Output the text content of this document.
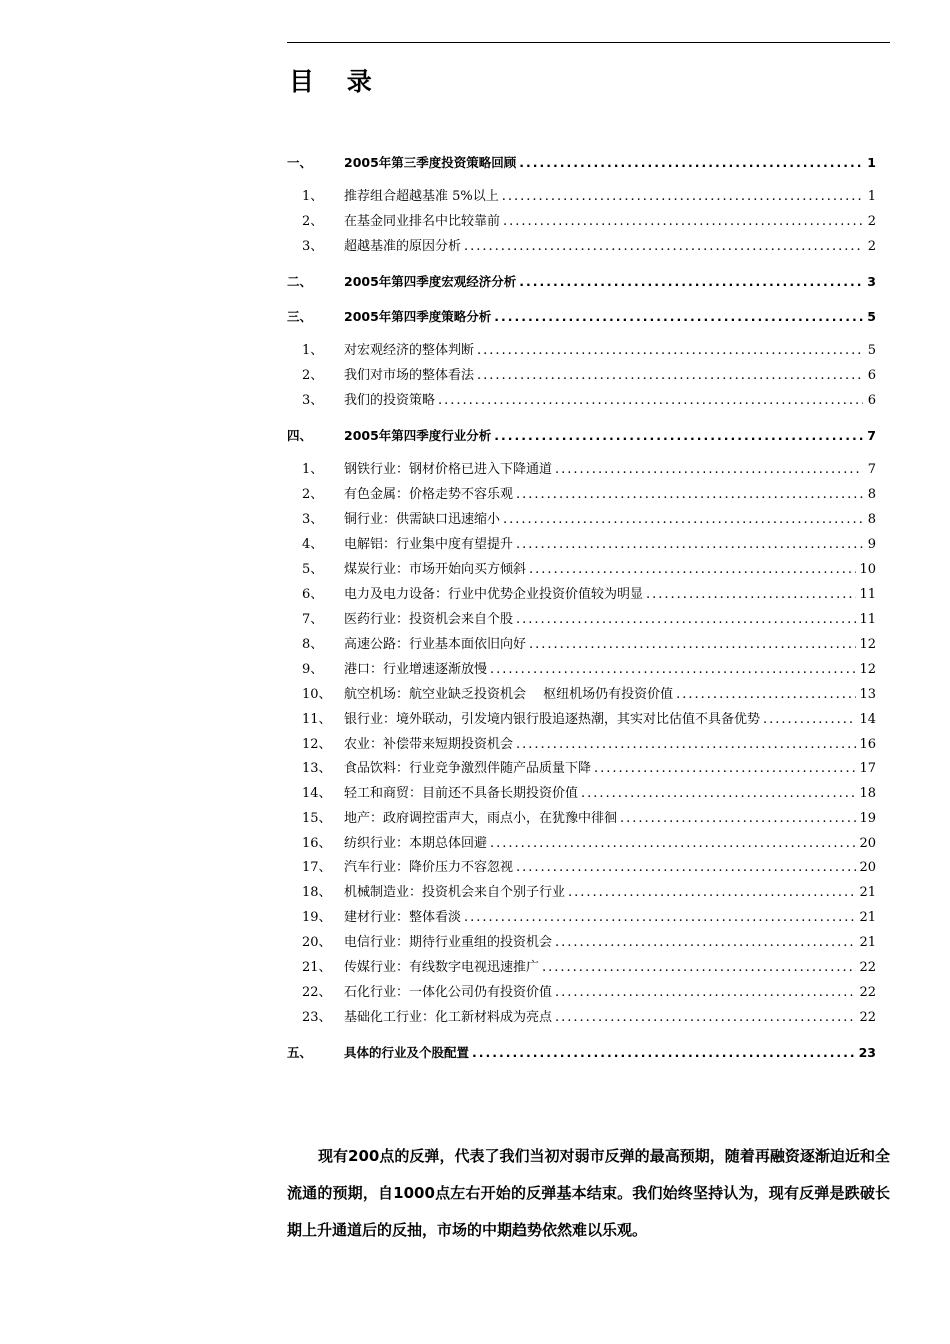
目 录
一、	2005年第三季度投资策略回顾 .....	1
1、	推荐组合超越基准 5%以上 .....	1
2、	在基金同业排名中比较靠前 .....	2
3、	超越基准的原因分析 .....	2
二、	2005年第四季度宏观经济分析 .....	3
三、	2005年第四季度策略分析 .....	5
1、	对宏观经济的整体判断 .....	5
2、	我们对市场的整体看法 .....	6
3、	我们的投资策略 .....	6
四、	2005年第四季度行业分析 .....	7
1、	钢铁行业：钢材价格已进入下降通道 .....	7
2、	有色金属：价格走势不容乐观 .....	8
3、	铜行业：供需缺口迅速缩小 .....	8
4、	电解铝：行业集中度有望提升 .....	9
5、	煤炭行业：市场开始向买方倾斜 .....	10
6、	电力及电力设备：行业中优势企业投资价值较为明显 .....	11
7、	医药行业：投资机会来自个股 .....	11
8、	高速公路：行业基本面依旧向好 .....	12
9、	港口：行业增速逐渐放慢 .....	12
10、 航空机场：航空业缺乏投资机会　 枢纽机场仍有投资价值 .....	13
11、 银行业：境外联动，引发境内银行股追逐热潮，其实对比估值不具备优势 .....	14
12、 农业：补偿带来短期投资机会 .....	16
13、 食品饮料：行业竞争激烈伴随产品质量下降 .....	17
14、 轻工和商贸：目前还不具备长期投资价值 .....	18
15、 地产：政府调控雷声大，雨点小，在犹豫中徘徊 .....	19
16、 纺织行业：本期总体回避 .....	20
17、 汽车行业：降价压力不容忽视 .....	20
18、 机械制造业：投资机会来自个别子行业 .....	21
19、 建材行业：整体看淡 .....	21
20、 电信行业：期待行业重组的投资机会 .....	21
21、 传媒行业：有线数字电视迅速推广 .....	22
22、 石化行业：一体化公司仍有投资价值 .....	22
23、 基础化工行业：化工新材料成为亮点 .....	22
五、	具体的行业及个股配置 .....	23
现有200点的反弹，代表了我们当初对弱市反弹的最高预期，随着再融资逐渐迫近和全流通的预期，自1000点左右开始的反弹基本结束。我们始终坚持认为，现有反弹是跌破长期上升通道后的反抽，市场的中期趋势依然难以乐观。
